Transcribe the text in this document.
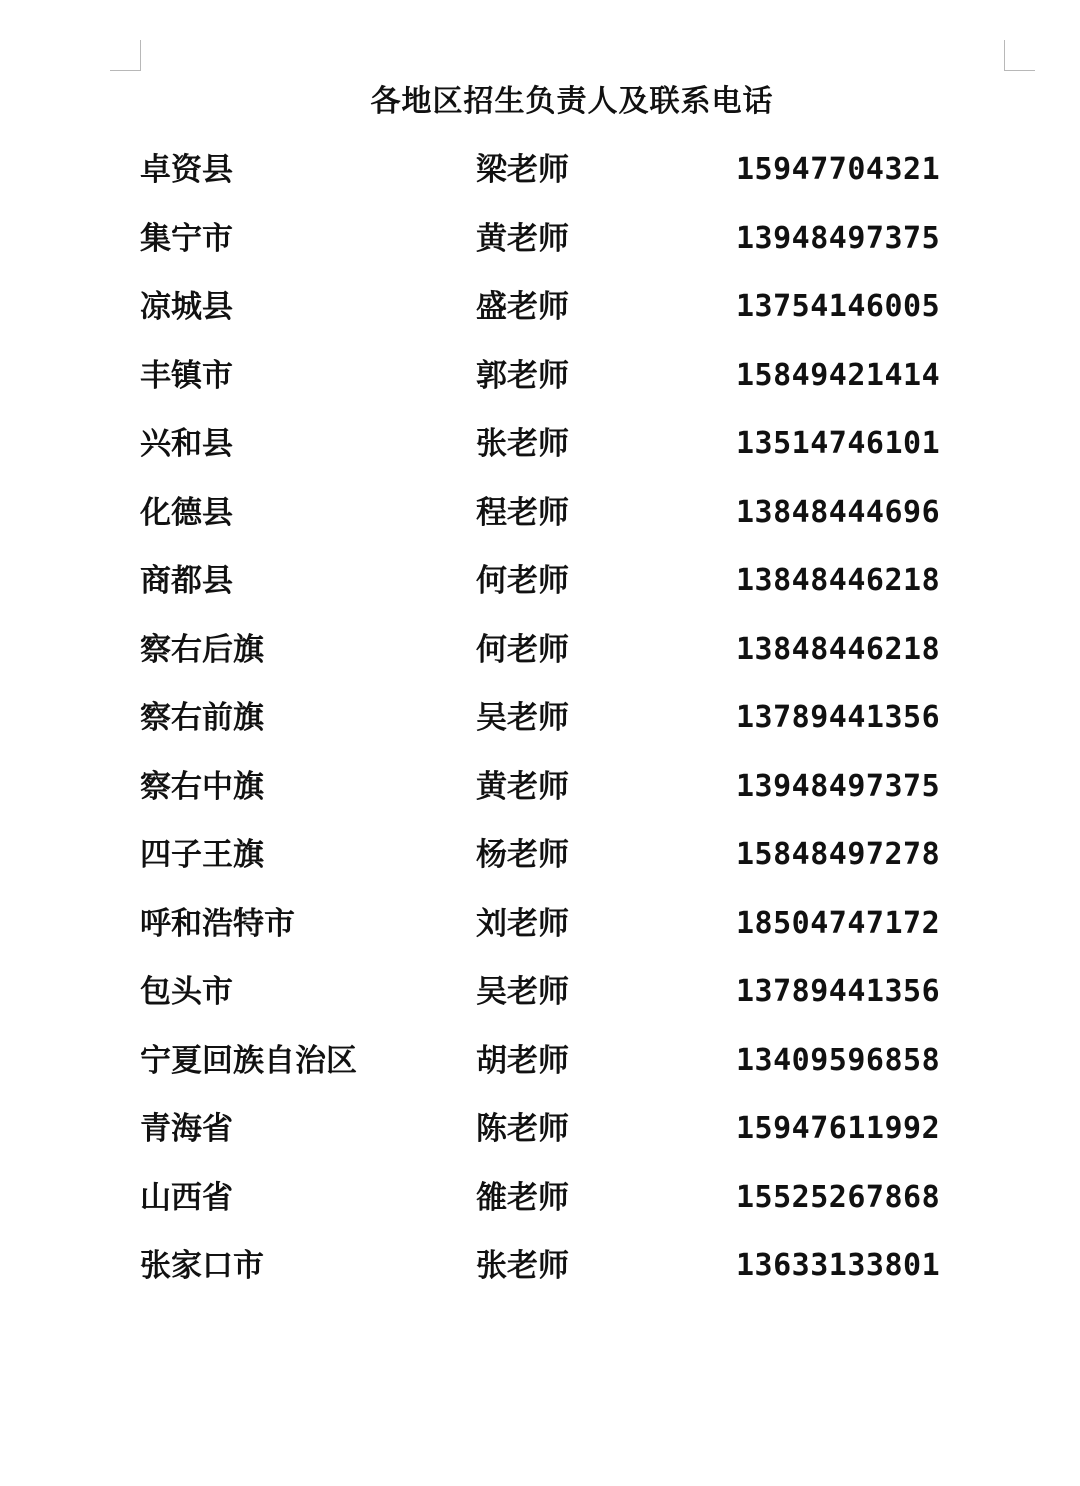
各地区招生负责人及联系电话
卓资县	梁老师	15947704321
集宁市	黄老师	13948497375
凉城县	盛老师	13754146005
丰镇市	郭老师	15849421414
兴和县	张老师	13514746101
化德县	程老师	13848444696
商都县	何老师	13848446218
察右后旗	何老师	13848446218
察右前旗	吴老师	13789441356
察右中旗	黄老师	13948497375
四子王旗	杨老师	15848497278
呼和浩特市	刘老师	18504747172
包头市	吴老师	13789441356
宁夏回族自治区	胡老师	13409596858
青海省	陈老师	15947611992
山西省	雒老师	15525267868
张家口市	张老师	13633133801
